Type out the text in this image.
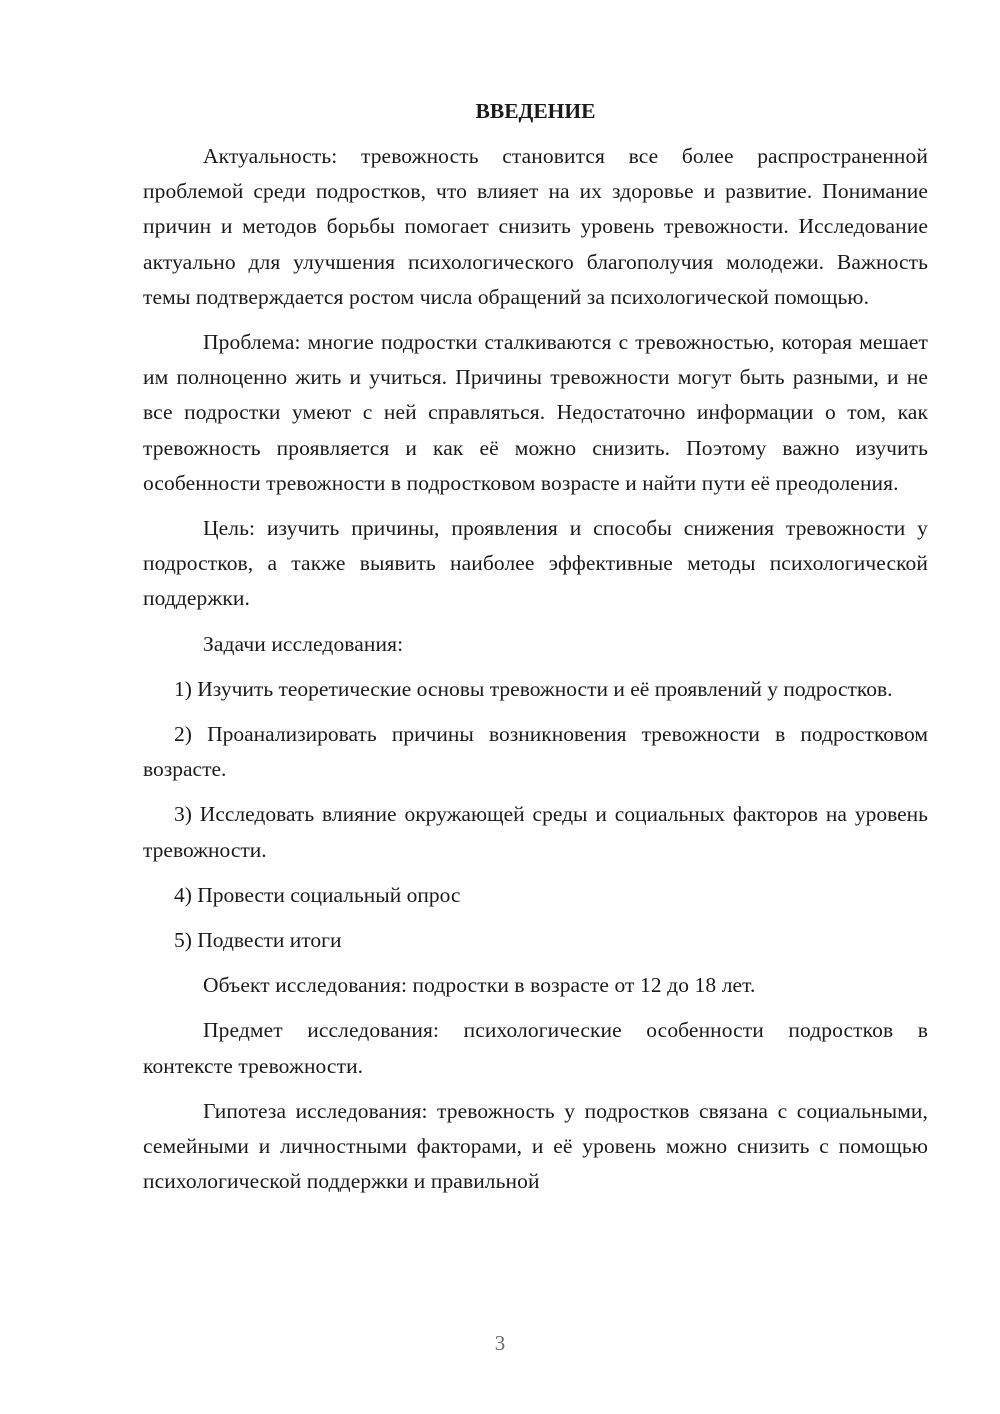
ВВЕДЕНИЕ

Актуальность: тревожность становится все более распространенной проблемой среди подростков, что влияет на их здоровье и развитие. Понимание причин и методов борьбы помогает снизить уровень тревожности. Исследование актуально для улучшения психологического благополучия молодежи. Важность темы подтверждается ростом числа обращений за психологической помощью.

Проблема: многие подростки сталкиваются с тревожностью, которая мешает им полноценно жить и учиться. Причины тревожности могут быть разными, и не все подростки умеют с ней справляться. Недостаточно информации о том, как тревожность проявляется и как её можно снизить. Поэтому важно изучить особенности тревожности в подростковом возрасте и найти пути её преодоления.

Цель: изучить причины, проявления и способы снижения тревожности у подростков, а также выявить наиболее эффективные методы психологической поддержки.

Задачи исследования:

1) Изучить теоретические основы тревожности и её проявлений у подростков.

2) Проанализировать причины возникновения тревожности в подростковом возрасте.

3) Исследовать влияние окружающей среды и социальных факторов на уровень тревожности.

4) Провести социальный опрос

5) Подвести итоги

Объект исследования: подростки в возрасте от 12 до 18 лет.

Предмет исследования: психологические особенности подростков в контексте тревожности.

Гипотеза исследования: тревожность у подростков связана с социальными, семейными и личностными факторами, и её уровень можно снизить с помощью психологической поддержки и правильной

3
